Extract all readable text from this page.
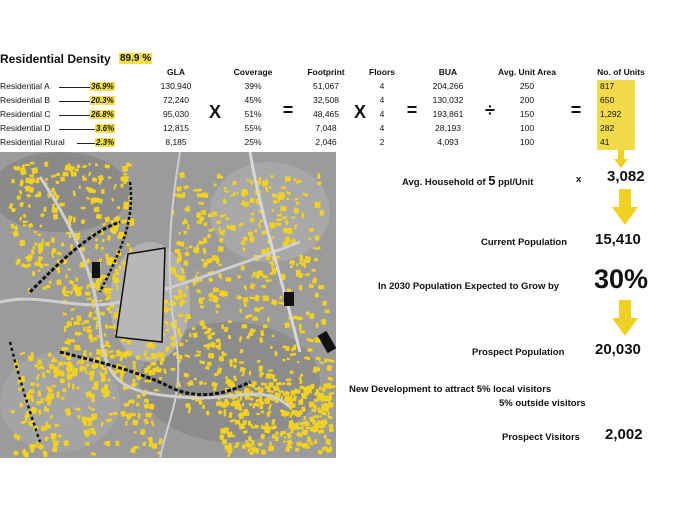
Residential Density 89.9 %
GLA	Coverage	Footprint	Floors	BUA	Avg. Unit Area	No. of Units
Residential A	36.9%	130,940	39%	51,067	4	204,266	250	817
Residential B	20.3%	72,240	45%	32,508	4	130,032	200	650
Residential C	26.8%	95,030	51%	48,465	4	193,861	150	1,292
Residential D	3.6%	12,815	55%	7,048	4	28,193	100	282
Residential Rural	2.3%	8,185	25%	2,046	2	4,093	100	41
X	=	X =	÷	=
Avg. Household of 5 ppl/Unit	x 3,082
Current Population 15,410
In 2030 Population Expected to Grow by 30%
Prospect Population 20,030
New Development to attract 5% local visitors
5% outside visitors
Prospect Visitors 2,002
